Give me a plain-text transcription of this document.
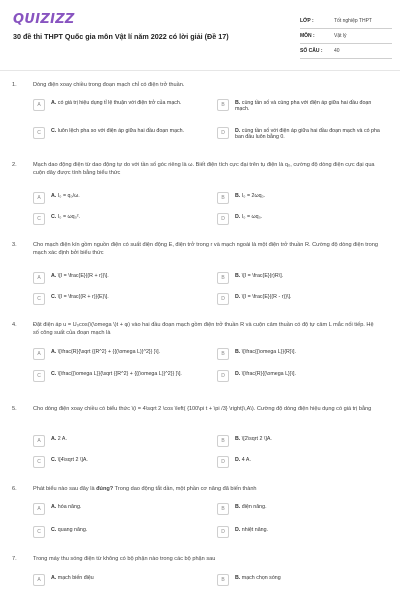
QUIZIZZ
30 đề thi THPT Quốc gia môn Vật lí năm 2022 có lời giải (Đề 17)
LỚP :	Tốt nghiệp THPT
MÔN :	Vật lý
SỐ CÂU :	40
1.	Dòng điện xoay chiều trong đoạn mạch chỉ có điện trở thuần.
A	A. có giá trị hiệu dụng tỉ lệ thuận với điện trở của mạch.	B	B. cùng tần số và cùng pha với điện áp giữa hai đầu đoạn mạch.
C	C. luôn lệch pha so với điện áp giữa hai đầu đoạn mạch.	D	D. cùng tần số với điện áp giữa hai đầu đoạn mạch và có pha ban đầu luôn bằng 0.
2.	Mạch dao động điện từ dao động tự do với tần số góc riêng là ω. Biết điện tích cực đại trên tụ điện là q₀, cường độ dòng điện cực đại qua cuộn dây được tính bằng biểu thức
A	A. I₀ = q₀/ω.	B	B. I₀ = 2ωq₀.
C	C. I₀ = ωq₀².	D	D. I₀ = ωq₀.
3.	Cho mạch điện kín gồm nguồn điện có suất điện động E, điện trở trong r và mạch ngoài là một điện trở thuần R. Cường độ dòng điện trong mạch xác định bởi biểu thức
A	A. \[I = \frac{E}{(R + r)}\].	B	B. \[I = \frac{E}{r}R\].
C	C. \[I = \frac{(R + r)}{E}\].	D	D. \[I = \frac{E}{(R - r)}\].
4.	Đặt điện áp u = U₀cos(\(\omega \)t + φ) vào hai đầu đoạn mạch gồm điện trở thuần R và cuộn cảm thuần có độ tự cảm L mắc nối tiếp. Hệ số công suất của đoạn mạch là
A	A. \[\frac{R}{\sqrt {{R^2} + {{(\omega L)}^2}} }\].	B	B. \[\frac{{\omega L}}{R}\].
C	C. \[\frac{{\omega L}}{\sqrt {{R^2} + {{(\omega L)}^2}} }\].	D	D. \[\frac{R}{{\omega L}}\].
5.	Cho dòng điện xoay chiều có biểu thức \(i = 4\sqrt 2 \cos \left( {100\pi t + \pi /3} \right)\,A\). Cường độ dòng điện hiệu dụng có giá trị bằng
A	A. 2 A.	B	B. \[2\sqrt 2 \]A.
C	C. \[4\sqrt 2 \]A.	D	D. 4 A.
6.	Phát biểu nào sau đây là đúng? Trong dao động tắt dần, một phần cơ năng đã biến thành
A	A. hóa năng.	B	B. điện năng.
C	C. quang năng.	D	D. nhiệt năng.
7.	Trong máy thu sóng điện từ không có bộ phận nào trong các bộ phận sau
A	A. mạch biến điệu	B	B. mạch chọn sóng
